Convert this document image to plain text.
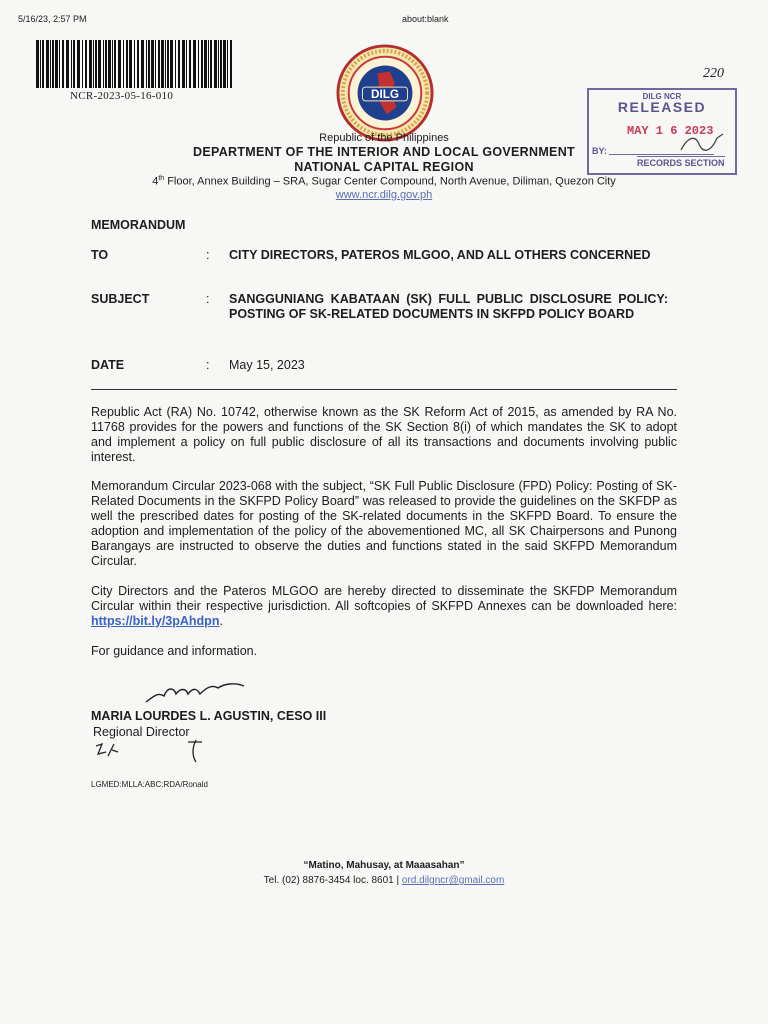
5/16/23, 2:57 PM	about:blank
NCR-2023-05-16-010	DILG	DILG NCR
RELEASED
MAY 1 6 2023
BY:
RECORDS SECTION
220
Republic of the Philippines
DEPARTMENT OF THE INTERIOR AND LOCAL GOVERNMENT
NATIONAL CAPITAL REGION
4th Floor, Annex Building – SRA, Sugar Center Compound, North Avenue, Diliman, Quezon City
www.ncr.dilg.gov.ph
MEMORANDUM
TO	: CITY DIRECTORS, PATEROS MLGOO, AND ALL OTHERS CONCERNED
SUBJECT	: SANGGUNIANG KABATAAN (SK) FULL PUBLIC DISCLOSURE POLICY: POSTING OF SK-RELATED DOCUMENTS IN SKFPD POLICY BOARD
DATE	: May 15, 2023
Republic Act (RA) No. 10742, otherwise known as the SK Reform Act of 2015, as amended by RA No. 11768 provides for the powers and functions of the SK Section 8(i) of which mandates the SK to adopt and implement a policy on full public disclosure of all its transactions and documents involving public interest.
Memorandum Circular 2023-068 with the subject, “SK Full Public Disclosure (FPD) Policy: Posting of SK-Related Documents in the SKFPD Policy Board” was released to provide the guidelines on the SKFDP as well the prescribed dates for posting of the SK-related documents in the SKFPD Board. To ensure the adoption and implementation of the policy of the abovementioned MC, all SK Chairpersons and Punong Barangays are instructed to observe the duties and functions stated in the said SKFPD Memorandum Circular.
City Directors and the Pateros MLGOO are hereby directed to disseminate the SKFDP Memorandum Circular within their respective jurisdiction. All softcopies of SKFPD Annexes can be downloaded here: https://bit.ly/3pAhdpn.
For guidance and information.
MARIA LOURDES L. AGUSTIN, CESO III
Regional Director
LGMED:MLLA:ABC:RDA/Ronald
“Matino, Mahusay, at Maaasahan”
Tel. (02) 8876-3454 loc. 8601 | ord.dilgncr@gmail.com
